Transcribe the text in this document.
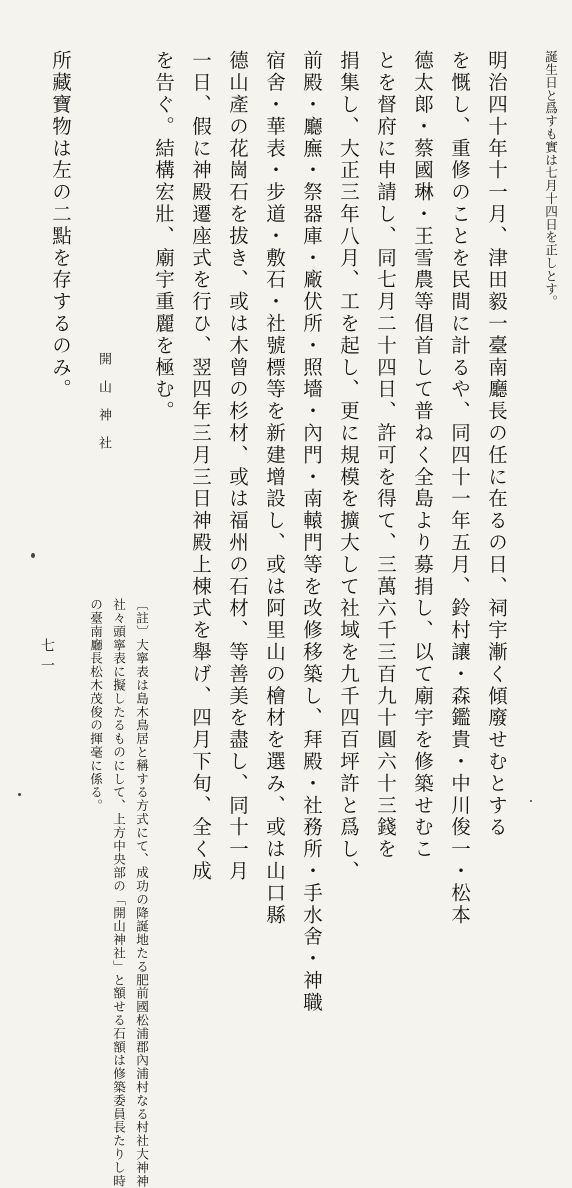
誕生日と爲すも實は七月十四日を正しとす。
明治四十年十一月、津田毅一臺南廳長の任に在るの日、祠宇漸く傾廢せむとする
を慨し、重修のことを民間に計るや、同四十一年五月、鈴村讓・森鑑貴・中川俊一・松本
德太郞・蔡國琳・王雪農等倡首して普ねく全島より募捐し、以て廟宇を修築せむこ
とを督府に申請し、同七月二十四日、許可を得て、三萬六千三百九十圓六十三錢を
捐集し、大正三年八月、工を起し、更に規模を擴大して社域を九千四百坪許と爲し、
前殿・廳廡・祭器庫・廠伏所・照墻・內門・南轅門等を改修移築し、拜殿・社務所・手水舍・神職
宿舍・華表・步道・敷石・社號標等を新建增設し、或は阿里山の檜材を選み、或は山口縣
德山產の花崗石を拔き、或は木曾の杉材、或は福州の石材、等善美を盡し、同十一月
一日、假に神殿遷座式を行ひ、翌四年三月三日神殿上棟式を舉げ、四月下旬、全く成
を告ぐ。結構宏壯、廟宇重麗を極む。
所藏寶物は左の二點を存するのみ。
〔註〕大寧表は島木鳥居と稱する方式にて、成功の降誕地たる肥前國松浦郡內浦村なる村社大神神
社々頭寧表に擬したるものにして、上方中央部の「開山神社」と額せる石額は修築委員長たりし時
の臺南廳長松木茂俊の揮毫に係る。
開山神社
七一
